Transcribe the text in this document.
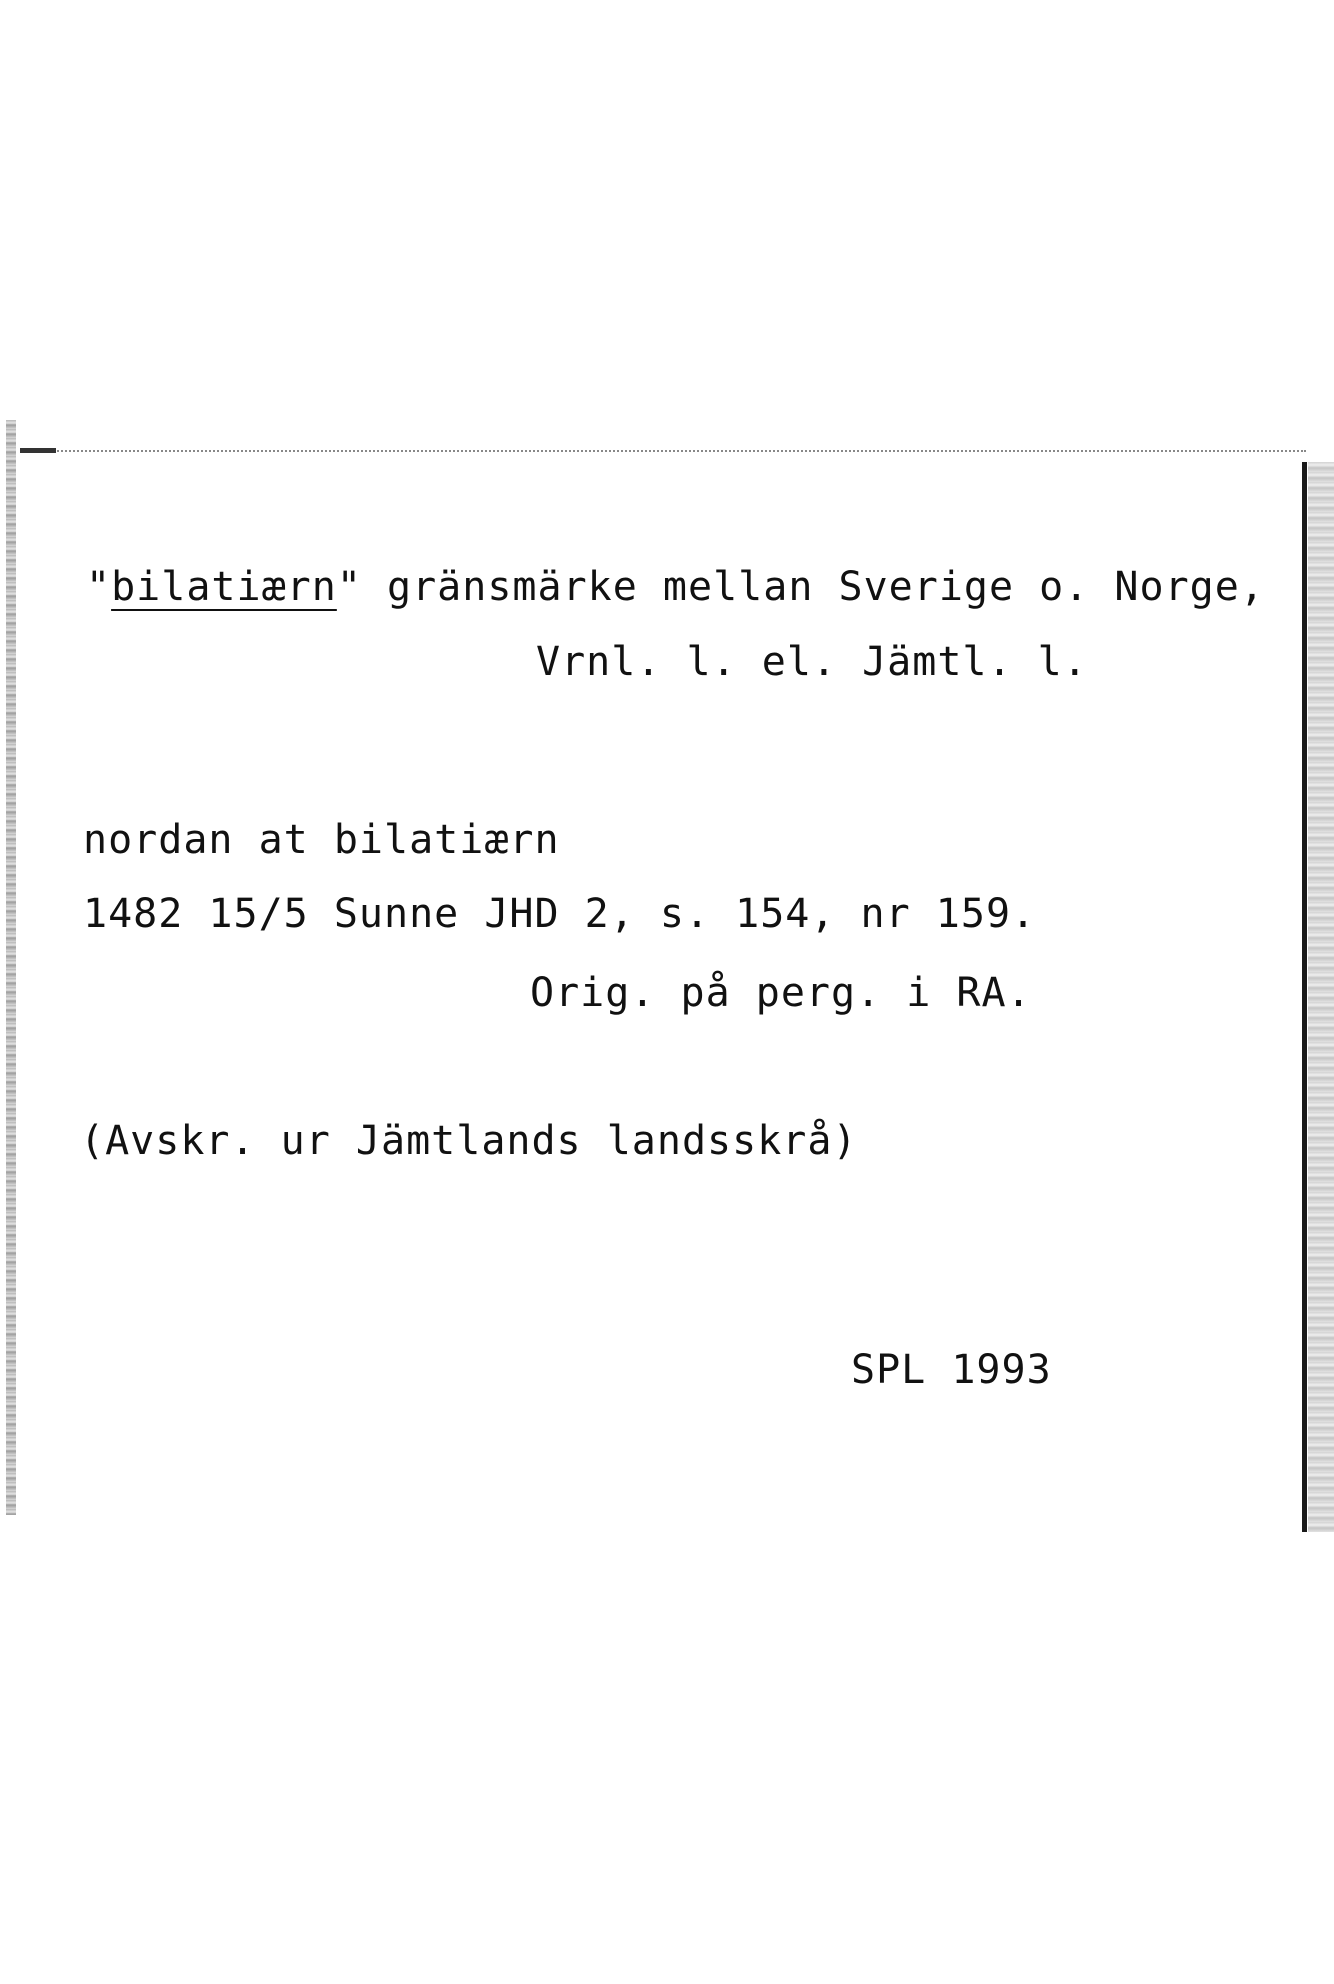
"bilatiærn" gränsmärke mellan Sverige o. Norge,
Vrnl. l. el. Jämtl. l.
nordan at bilatiærn
1482 15/5 Sunne JHD 2, s. 154, nr 159.
Orig. på perg. i RA.
(Avskr. ur Jämtlands landsskrå)
SPL 1993
